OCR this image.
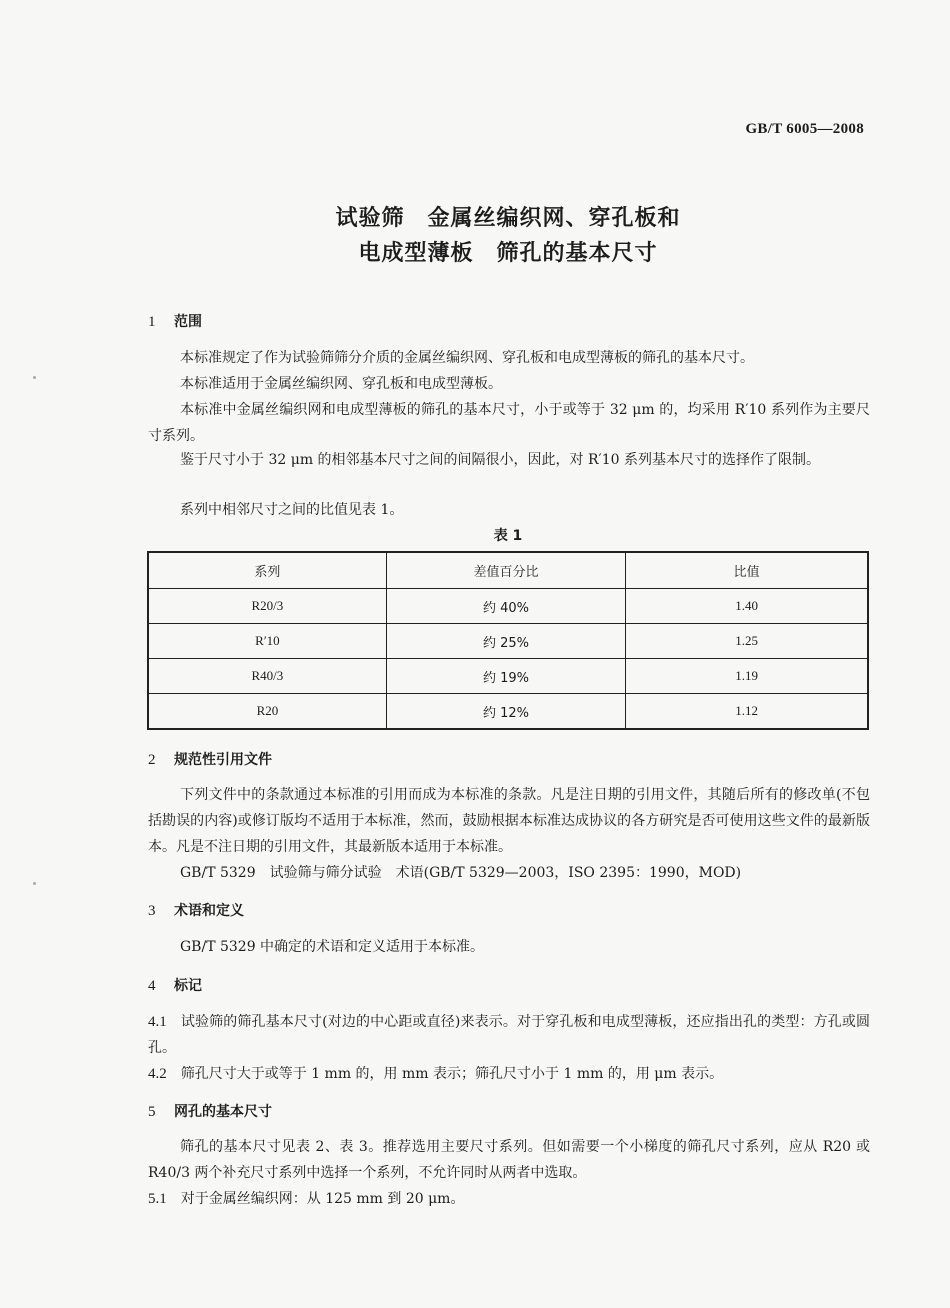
GB/T 6005—2008
试验筛　金属丝编织网、穿孔板和
电成型薄板　筛孔的基本尺寸
1 范围
本标准规定了作为试验筛筛分介质的金属丝编织网、穿孔板和电成型薄板的筛孔的基本尺寸。
本标准适用于金属丝编织网、穿孔板和电成型薄板。
本标准中金属丝编织网和电成型薄板的筛孔的基本尺寸，小于或等于 32 μm 的，均采用 R′10 系列作为主要尺寸系列。
鉴于尺寸小于 32 μm 的相邻基本尺寸之间的间隔很小，因此，对 R′10 系列基本尺寸的选择作了限制。
系列中相邻尺寸之间的比值见表 1。
表 1
系列	差值百分比	比值
R20/3	约 40%	1.40
R′10	约 25%	1.25
R40/3	约 19%	1.19
R20	约 12%	1.12
2 规范性引用文件
下列文件中的条款通过本标准的引用而成为本标准的条款。凡是注日期的引用文件，其随后所有的修改单(不包括勘误的内容)或修订版均不适用于本标准，然而，鼓励根据本标准达成协议的各方研究是否可使用这些文件的最新版本。凡是不注日期的引用文件，其最新版本适用于本标准。
GB/T 5329　试验筛与筛分试验　术语(GB/T 5329—2003，ISO 2395：1990，MOD)
3 术语和定义
GB/T 5329 中确定的术语和定义适用于本标准。
4 标记
4.1 试验筛的筛孔基本尺寸(对边的中心距或直径)来表示。对于穿孔板和电成型薄板，还应指出孔的类型：方孔或圆孔。
4.2 筛孔尺寸大于或等于 1 mm 的，用 mm 表示；筛孔尺寸小于 1 mm 的，用 μm 表示。
5 网孔的基本尺寸
筛孔的基本尺寸见表 2、表 3。推荐选用主要尺寸系列。但如需要一个小梯度的筛孔尺寸系列，应从 R20 或 R40/3 两个补充尺寸系列中选择一个系列，不允许同时从两者中选取。
5.1 对于金属丝编织网：从 125 mm 到 20 μm。
